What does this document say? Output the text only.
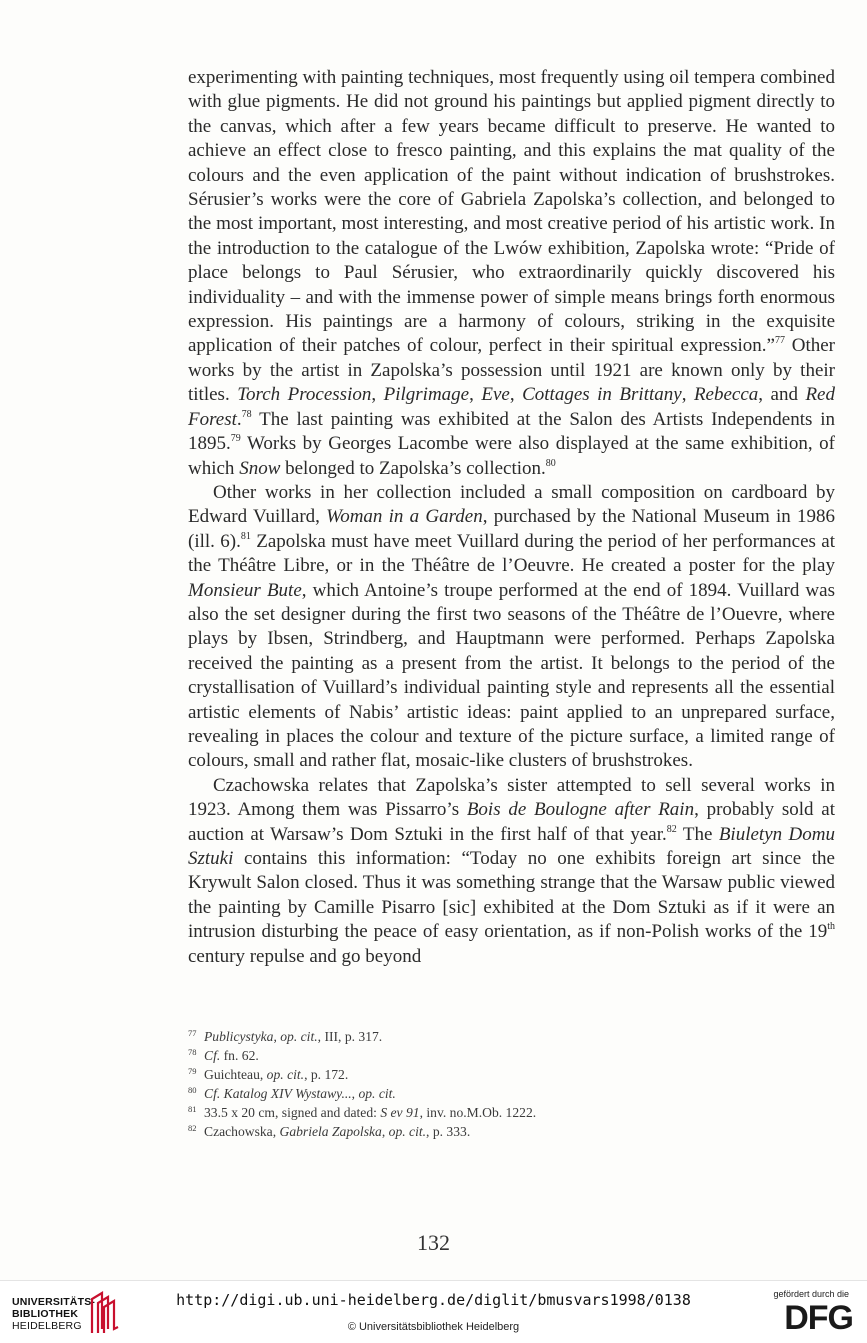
experimenting with painting techniques, most frequently using oil tempera combined with glue pigments. He did not ground his paintings but applied pigment directly to the canvas, which after a few years became difficult to preserve. He wanted to achieve an effect close to fresco painting, and this explains the mat quality of the colours and the even application of the paint without indication of brushstrokes. Sérusier’s works were the core of Gabriela Zapolska’s collection, and belonged to the most important, most interesting, and most creative period of his artistic work. In the introduction to the catalogue of the Lwów exhibition, Zapolska wrote: “Pride of place belongs to Paul Sérusier, who extraordinarily quickly discovered his individuality – and with the immense power of simple means brings forth enormous expression. His paintings are a harmony of colours, striking in the exquisite application of their patches of colour, perfect in their spiritual expression.”$^{77}$ Other works by the artist in Zapolska’s possession until 1921 are known only by their titles. Torch Procession, Pilgrimage, Eve, Cottages in Brittany, Rebecca, and Red Forest.$^{78}$ The last painting was exhibited at the Salon des Artists Independents in 1895.79 Works by Georges Lacombe were also displayed at the same exhibition, of which Snow belonged to Zapolska’s collection.$^{80}$

Other works in her collection included a small composition on cardboard by Edward Vuillard, Woman in a Garden, purchased by the National Museum in 1986 (ill. 6).$^{81}$ Zapolska must have meet Vuillard during the period of her performances at the Théâtre Libre, or in the Théâtre de l’Oeuvre. He created a poster for the play Monsieur Bute, which Antoine’s troupe performed at the end of 1894. Vuillard was also the set designer during the first two seasons of the Théâtre de l’Ouevre, where plays by Ibsen, Strindberg, and Hauptmann were performed. Perhaps Zapolska received the painting as a present from the artist. It belongs to the period of the crystallisation of Vuillard’s individual painting style and represents all the essential artistic elements of Nabis’ artistic ideas: paint applied to an unprepared surface, revealing in places the colour and texture of the picture surface, a limited range of colours, small and rather flat, mosaic-like clusters of brushstrokes.

Czachowska relates that Zapolska’s sister attempted to sell several works in 1923. Among them was Pissarro’s Bois de Boulogne after Rain, probably sold at auction at Warsaw’s Dom Sztuki in the first half of that year.$^{82}$ The Biuletyn Domu Sztuki contains this information: “Today no one exhibits foreign art since the Krywult Salon closed. Thus it was something strange that the Warsaw public viewed the painting by Camille Pisarro [sic] exhibited at the Dom Sztuki as if it were an intrusion disturbing the peace of easy orientation, as if non-Polish works of the 19th century repulse and go beyond

77 Publicystyka, op. cit., III, p. 317.

78 Cf. fn. 62.

79 Guichteau, op. cit., p. 172.

80 Cf. Katalog XIV Wystawy..., op. cit.

81 33.5 x 20 cm, signed and dated: S ev 91, inv. no.M.Ob. 1222.

82 Czachowska, Gabriela Zapolska, op. cit., p. 333.

132
UNIVERSITÄTS-
BIBLIOTHEK
HEIDELBERG
http://digi.ub.uni-heidelberg.de/diglit/bmusvars1998/0138
© Universitätsbibliothek Heidelberg
gefördert durch die
DFG
